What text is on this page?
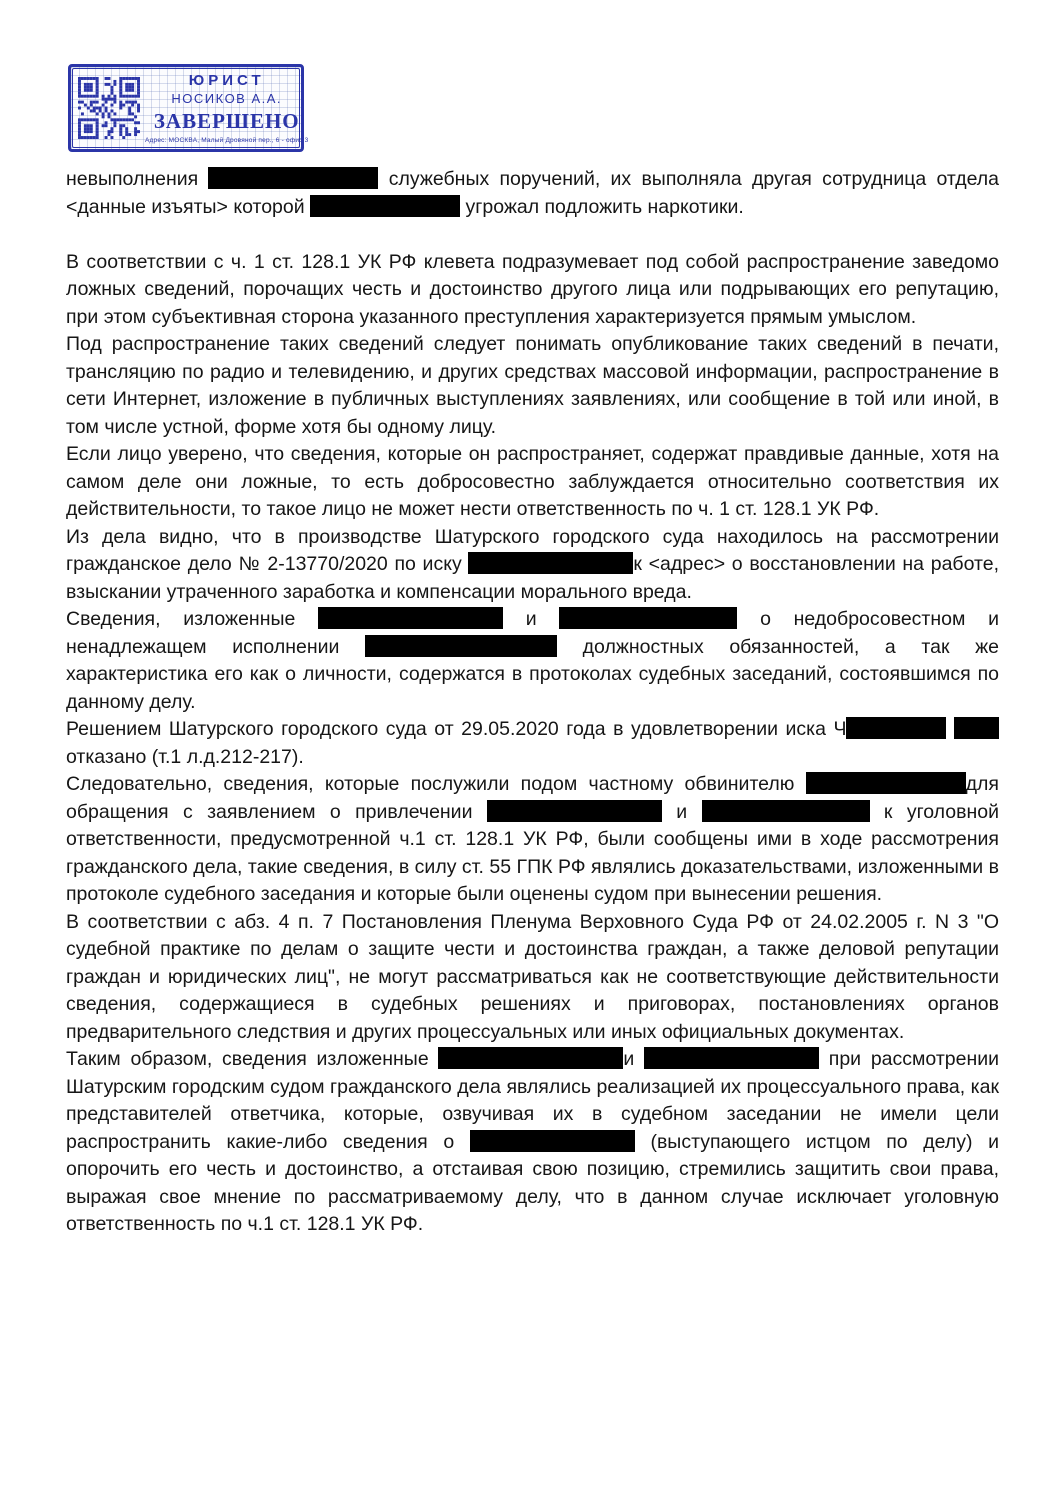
ЮРИСТ
НОСИКОВ А.А.
ЗАВЕРШЕНО
Адрес: МОСКВА, Малый Дровяной пер., 6 - офис 3

невыполнения	служебных поручений, их выполняла другая сотрудница отдела <данные изъяты> которой	угрожал подложить наркотики.

В соответствии с ч. 1 ст. 128.1 УК РФ клевета подразумевает под собой распространение заведомо ложных сведений, порочащих честь и достоинство другого лица или подрывающих его репутацию, при этом субъективная сторона указанного преступления характеризуется прямым умыслом.

Под распространение таких сведений следует понимать опубликование таких сведений в печати, трансляцию по радио и телевидению, и других средствах массовой информации, распространение в сети Интернет, изложение в публичных выступлениях заявлениях, или сообщение в той или иной, в том числе устной, форме хотя бы одному лицу.

Если лицо уверено, что сведения, которые он распространяет, содержат правдивые данные, хотя на самом деле они ложные, то есть добросовестно заблуждается относительно соответствия их действительности, то такое лицо не может нести ответственность по ч. 1 ст. 128.1 УК РФ.

Из дела видно, что в производстве Шатурского городского суда находилось на рассмотрении гражданское дело № 2-13770/2020 по иску	к <адрес> о восстановлении на работе, взыскании утраченного заработка и компенсации морального вреда.

Сведения, изложенные	и	о недобросовестном и ненадлежащем исполнении	должностных обязанностей, а так же характеристика его как о личности, содержатся в протоколах судебных заседаний, состоявшимся по данному делу.

Решением Шатурского городского суда от 29.05.2020 года в удовлетворении иска Ч отказано (т.1 л.д.212-217).

Следовательно, сведения, которые послужили подом частному обвинителю	для обращения с заявлением о привлечении	и	к уголовной ответственности, предусмотренной ч.1 ст. 128.1 УК РФ, были сообщены ими в ходе рассмотрения гражданского дела, такие сведения, в силу ст. 55 ГПК РФ являлись доказательствами, изложенными в протоколе судебного заседания и которые были оценены судом при вынесении решения.

В соответствии с абз. 4 п. 7 Постановления Пленума Верховного Суда РФ от 24.02.2005 г. N 3 "О судебной практике по делам о защите чести и достоинства граждан, а также деловой репутации граждан и юридических лиц", не могут рассматриваться как не соответствующие действительности сведения, содержащиеся в судебных решениях и приговорах, постановлениях органов предварительного следствия и других процессуальных или иных официальных документах.

Таким образом, сведения изложенные	и	при рассмотрении Шатурским городским судом гражданского дела являлись реализацией их процессуального права, как представителей ответчика, которые, озвучивая их в судебном заседании не имели цели распространить какие-либо сведения о	(выступающего истцом по делу) и опорочить его честь и достоинство, а отстаивая свою позицию, стремились защитить свои права, выражая свое мнение по рассматриваемому делу, что в данном случае исключает уголовную ответственность по ч.1 ст. 128.1 УК РФ.
